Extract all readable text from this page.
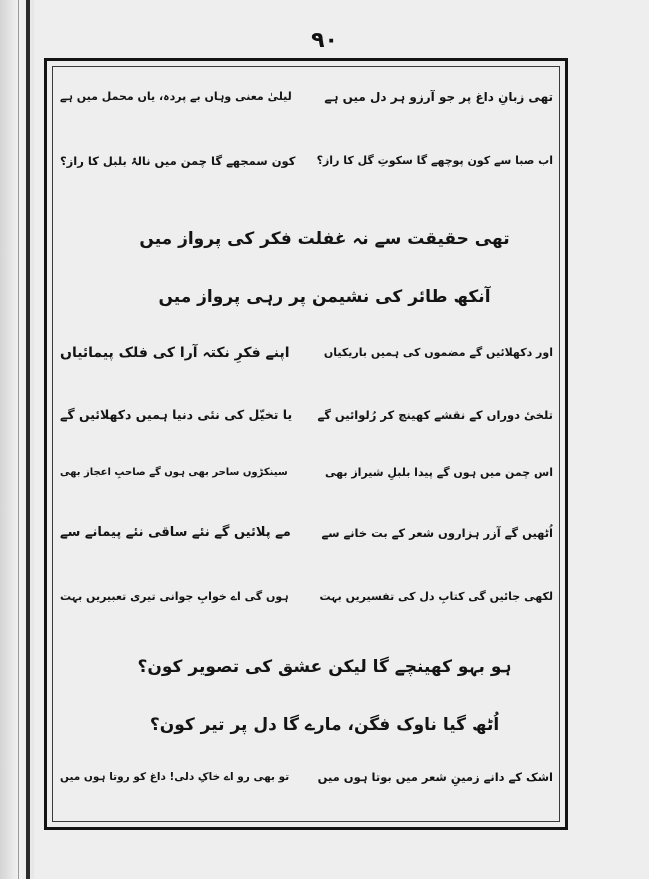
۹۰
تھی زبانِ داغ پر جو آرزو ہر دل میں ہے
لیلیٰ معنی وہاں بے پردہ، یاں محمل میں ہے
اب صبا سے کون پوچھے گا سکوتِ گل کا راز؟
کون سمجھے گا چمن میں نالۂ بلبل کا راز؟
تھی حقیقت سے نہ غفلت فکر کی پرواز میں
آنکھ طائر کی نشیمن پر رہی پرواز میں
اور دکھلائیں گے مضموں کی ہمیں باریکیاں
اپنے فکرِ نکتہ آرا کی فلک پیمائیاں
تلخیٔ دوراں کے نقشے کھینچ کر رُلوائیں گے
یا تخیّل کی نئی دنیا ہمیں دکھلائیں گے
اس چمن میں ہوں گے پیدا بلبلِ شیراز بھی
سینکڑوں ساحر بھی ہوں گے صاحبِ اعجاز بھی
اُٹھیں گے آزر ہزاروں شعر کے بت خانے سے
مے پلائیں گے نئے ساقی نئے پیمانے سے
لکھی جائیں گی کتابِ دل کی تفسیریں بہت
ہوں گی اے خوابِ جوانی تیری تعبیریں بہت
ہو بہو کھینچے گا لیکن عشق کی تصویر کون؟
اُٹھ گیا ناوک فگن، مارے گا دل پر تیر کون؟
اشک کے دانے زمینِ شعر میں بوتا ہوں میں
تو بھی رو اے خاکِ دلی! داغ کو روتا ہوں میں
